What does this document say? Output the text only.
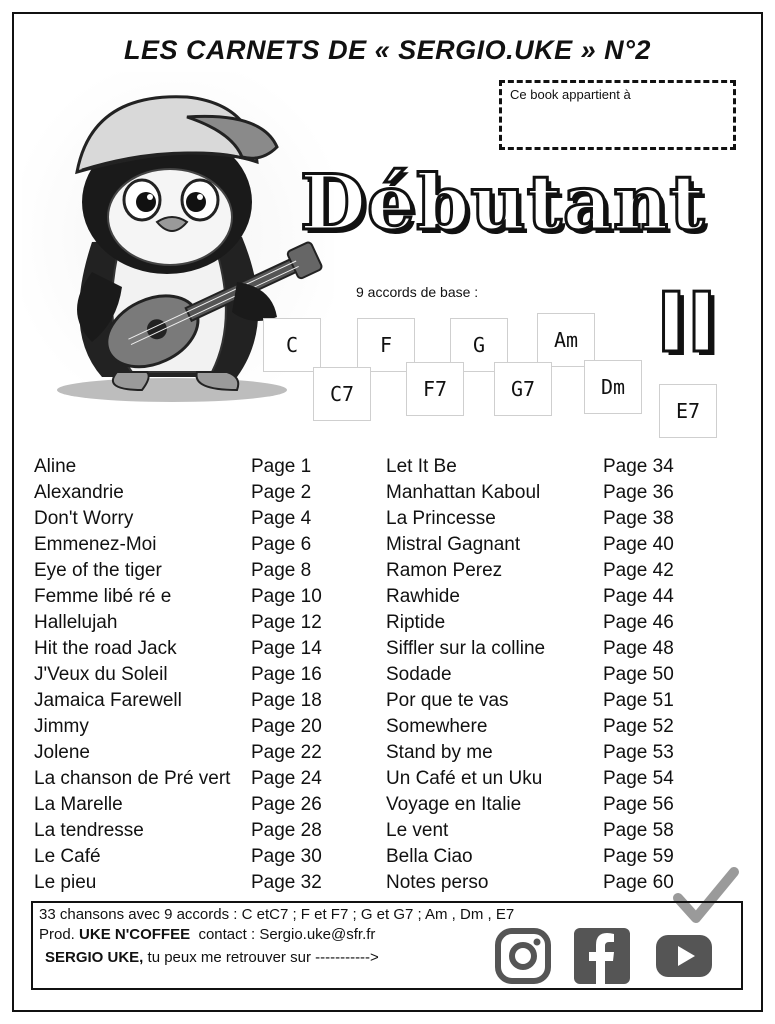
LES CARNETS DE « SERGIO.UKE » N°2
Ce book appartient à
Débutant
II
9 accords de base :
C	F	G	Am
C7	F7	G7	Dm
E7
Aline	Page 1
Alexandrie	Page 2
Don't Worry	Page 4
Emmenez-Moi	Page 6
Eye of the tiger	Page 8
Femme libé ré e	Page 10
Hallelujah	Page 12
Hit the road Jack	Page 14
J'Veux du Soleil	Page 16
Jamaica Farewell	Page 18
Jimmy	Page 20
Jolene	Page 22
La chanson de Pré vert Page 24
La Marelle	Page 26
La tendresse	Page 28
Le Café	Page 30
Le pieu	Page 32
Let It Be	Page 34
Manhattan Kaboul	Page 36
La Princesse	Page 38
Mistral Gagnant	Page 40
Ramon Perez	Page 42
Rawhide	Page 44
Riptide	Page 46
Siffler sur la colline	Page 48
Sodade	Page 50
Por que te vas	Page 51
Somewhere	Page 52
Stand by me	Page 53
Un Café et un Uku	Page 54
Voyage en Italie	Page 56
Le vent	Page 58
Bella Ciao	Page 59
Notes perso	Page 60
33 chansons avec 9 accords : C etC7 ; F et F7 ; G et G7 ; Am , Dm , E7
Prod. UKE N'COFFEE contact : Sergio.uke@sfr.fr
SERGIO UKE, tu peux me retrouver sur ----------->
